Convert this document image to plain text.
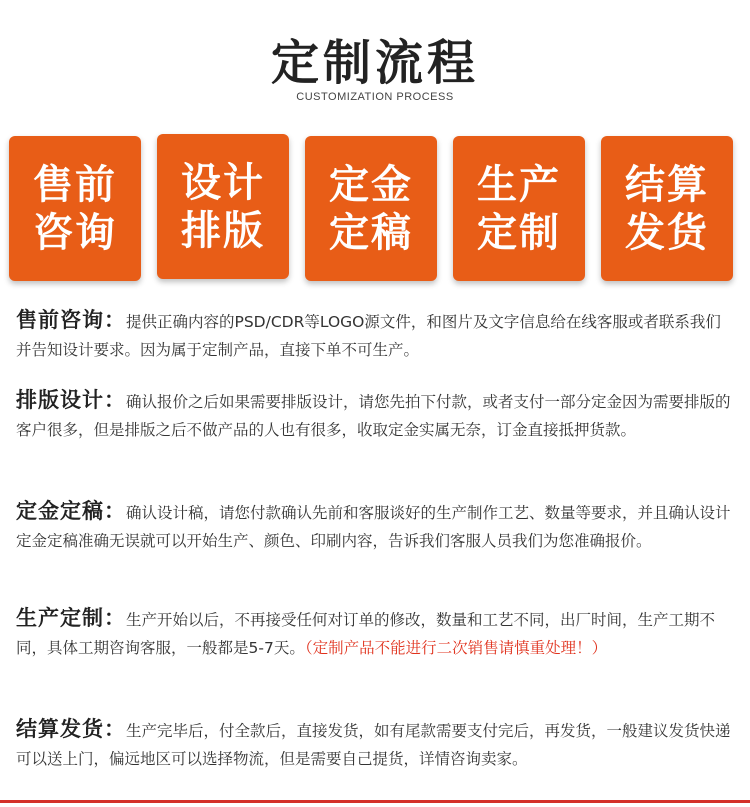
定制流程
CUSTOMIZATION PROCESS
售前
咨询
设计
排版
定金
定稿
生产
定制
结算
发货
售前咨询：提供正确内容的PSD/CDR等LOGO源文件，和图片及文字信息给在线客服或者联系我们并告知设计要求。因为属于定制产品，直接下单不可生产。
排版设计：确认报价之后如果需要排版设计，请您先拍下付款，或者支付一部分定金因为需要排版的客户很多，但是排版之后不做产品的人也有很多，收取定金实属无奈，订金直接抵押货款。
定金定稿：确认设计稿，请您付款确认先前和客服谈好的生产制作工艺、数量等要求，并且确认设计定金定稿准确无误就可以开始生产、颜色、印刷内容，告诉我们客服人员我们为您准确报价。
生产定制：生产开始以后，不再接受任何对订单的修改，数量和工艺不同，出厂时间，生产工期不同，具体工期咨询客服，一般都是5-7天。（定制产品不能进行二次销售请慎重处理！）
结算发货：生产完毕后，付全款后，直接发货，如有尾款需要支付完后，再发货，一般建议发货快递可以送上门，偏远地区可以选择物流，但是需要自己提货，详情咨询卖家。
